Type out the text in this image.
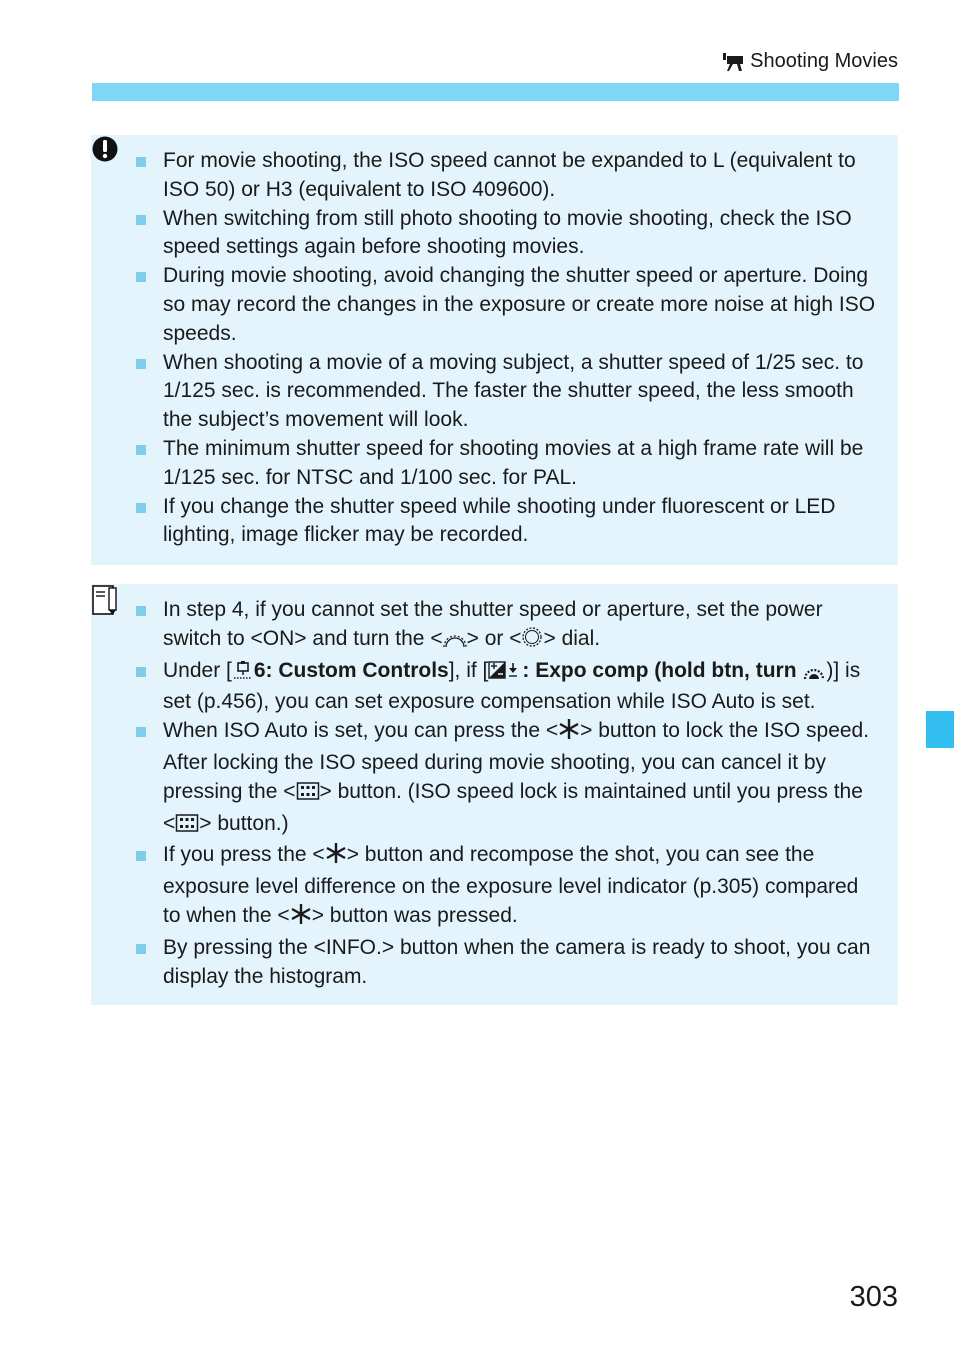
Shooting Movies
For movie shooting, the ISO speed cannot be expanded to L (equivalent to ISO 50) or H3 (equivalent to ISO 409600).
When switching from still photo shooting to movie shooting, check the ISO speed settings again before shooting movies.
During movie shooting, avoid changing the shutter speed or aperture. Doing so may record the changes in the exposure or create more noise at high ISO speeds.
When shooting a movie of a moving subject, a shutter speed of 1/25 sec. to 1/125 sec. is recommended. The faster the shutter speed, the less smooth the subject’s movement will look.
The minimum shutter speed for shooting movies at a high frame rate will be 1/125 sec. for NTSC and 1/100 sec. for PAL.
If you change the shutter speed while shooting under fluorescent or LED lighting, image flicker may be recorded.
In step 4, if you cannot set the shutter speed or aperture, set the power switch to <ON> and turn the < > or < > dial.
Under [ 6: Custom Controls], if [ : Expo comp (hold btn, turn )] is set (p.456), you can set exposure compensation while ISO Auto is set.
When ISO Auto is set, you can press the < > button to lock the ISO speed. After locking the ISO speed during movie shooting, you can cancel it by pressing the < > button. (ISO speed lock is maintained until you press the < > button.)
If you press the < > button and recompose the shot, you can see the exposure level difference on the exposure level indicator (p.305) compared to when the < > button was pressed.
By pressing the <INFO.> button when the camera is ready to shoot, you can display the histogram.
303
